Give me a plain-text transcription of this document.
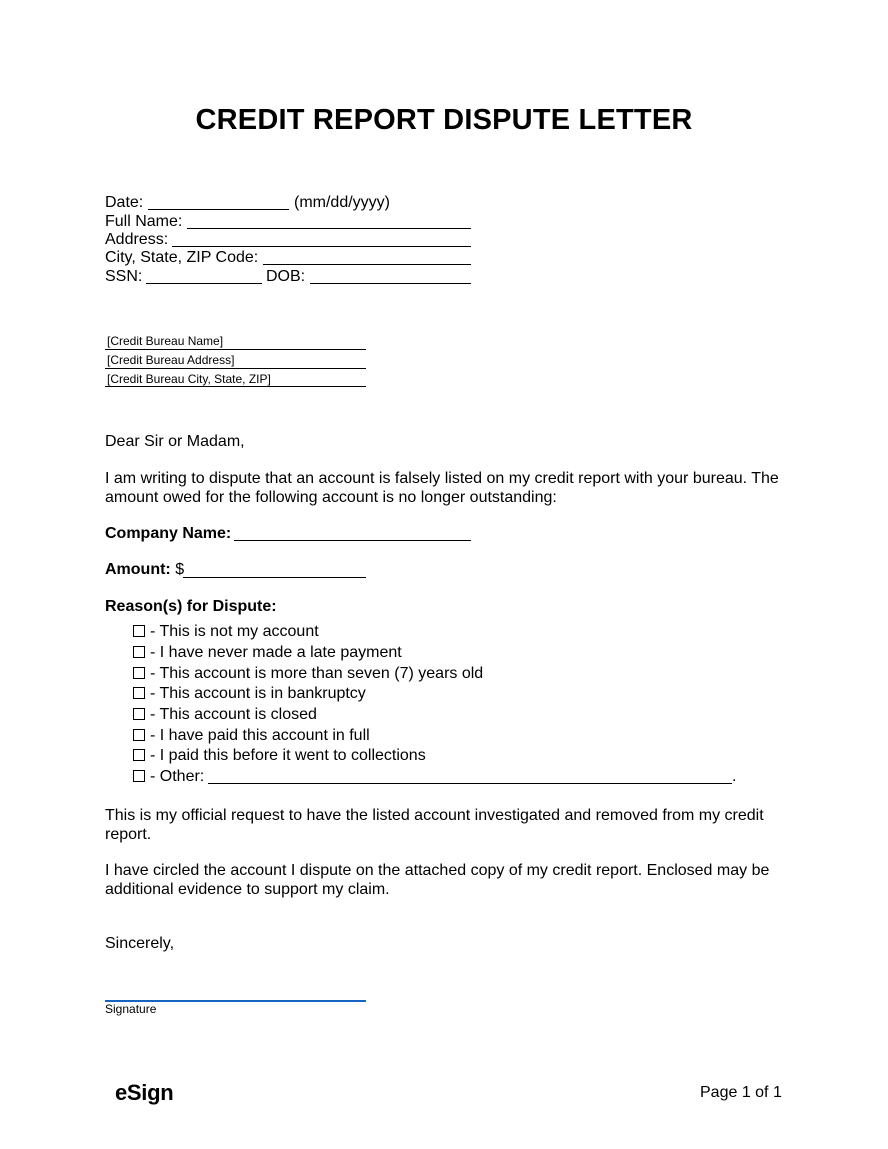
CREDIT REPORT DISPUTE LETTER
Date:	(mm/dd/yyyy)
Full Name:
Address:
City, State, ZIP Code:
SSN:	DOB:
[Credit Bureau Name]
[Credit Bureau Address]
[Credit Bureau City, State, ZIP]
Dear Sir or Madam,
I am writing to dispute that an account is falsely listed on my credit report with your bureau. The amount owed for the following account is no longer outstanding:
Company Name:
Amount: $
Reason(s) for Dispute:
- This is not my account
- I have never made a late payment
- This account is more than seven (7) years old
- This account is in bankruptcy
- This account is closed
- I have paid this account in full
- I paid this before it went to collections
- Other:	.
This is my official request to have the listed account investigated and removed from my credit report.
I have circled the account I dispute on the attached copy of my credit report. Enclosed may be additional evidence to support my claim.
Sincerely,
Signature
eSign	Page 1 of 1
